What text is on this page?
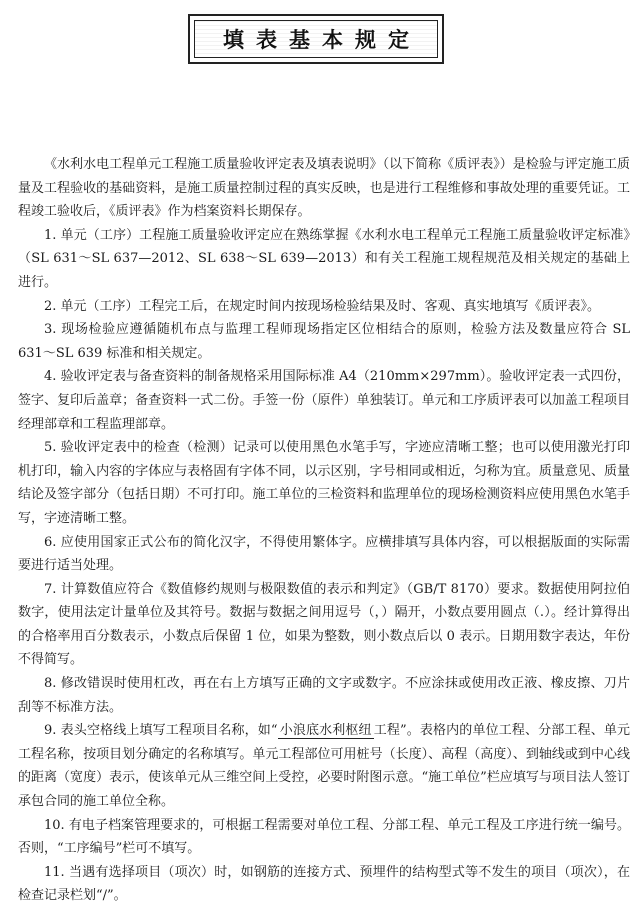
填表基本规定

《水利水电工程单元工程施工质量验收评定表及填表说明》（以下简称《质评表》）是检验与评定施工质量及工程验收的基础资料，是施工质量控制过程的真实反映，也是进行工程维修和事故处理的重要凭证。工程竣工验收后，《质评表》作为档案资料长期保存。

1. 单元（工序）工程施工质量验收评定应在熟练掌握《水利水电工程单元工程施工质量验收评定标准》（SL 631～SL 637—2012、SL 638～SL 639—2013）和有关工程施工规程规范及相关规定的基础上进行。

2. 单元（工序）工程完工后，在规定时间内按现场检验结果及时、客观、真实地填写《质评表》。

3. 现场检验应遵循随机布点与监理工程师现场指定区位相结合的原则，检验方法及数量应符合 SL 631～SL 639 标准和相关规定。

4. 验收评定表与备查资料的制备规格采用国际标准 A4（210mm×297mm）。验收评定表一式四份，签字、复印后盖章；备查资料一式二份。手签一份（原件）单独装订。单元和工序质评表可以加盖工程项目经理部章和工程监理部章。

5. 验收评定表中的检查（检测）记录可以使用黑色水笔手写，字迹应清晰工整；也可以使用激光打印机打印，输入内容的字体应与表格固有字体不同，以示区别，字号相同或相近，匀称为宜。质量意见、质量结论及签字部分（包括日期）不可打印。施工单位的三检资料和监理单位的现场检测资料应使用黑色水笔手写，字迹清晰工整。

6. 应使用国家正式公布的简化汉字，不得使用繁体字。应横排填写具体内容，可以根据版面的实际需要进行适当处理。

7. 计算数值应符合《数值修约规则与极限数值的表示和判定》（GB/T 8170）要求。数据使用阿拉伯数字，使用法定计量单位及其符号。数据与数据之间用逗号（，）隔开，小数点要用圆点（.）。经计算得出的合格率用百分数表示，小数点后保留 1 位，如果为整数，则小数点后以 0 表示。日期用数字表达，年份不得简写。

8. 修改错误时使用杠改，再在右上方填写正确的文字或数字。不应涂抹或使用改正液、橡皮擦、刀片刮等不标准方法。

9. 表头空格线上填写工程项目名称，如“ 小浪底水利枢纽 工程”。表格内的单位工程、分部工程、单元工程名称，按项目划分确定的名称填写。单元工程部位可用桩号（长度）、高程（高度）、到轴线或到中心线的距离（宽度）表示，使该单元从三维空间上受控，必要时附图示意。“施工单位”栏应填写与项目法人签订承包合同的施工单位全称。

10. 有电子档案管理要求的，可根据工程需要对单位工程、分部工程、单元工程及工序进行统一编号。否则，“工序编号”栏可不填写。

11. 当遇有选择项目（项次）时，如钢筋的连接方式、预埋件的结构型式等不发生的项目（项次），在检查记录栏划“/”。
